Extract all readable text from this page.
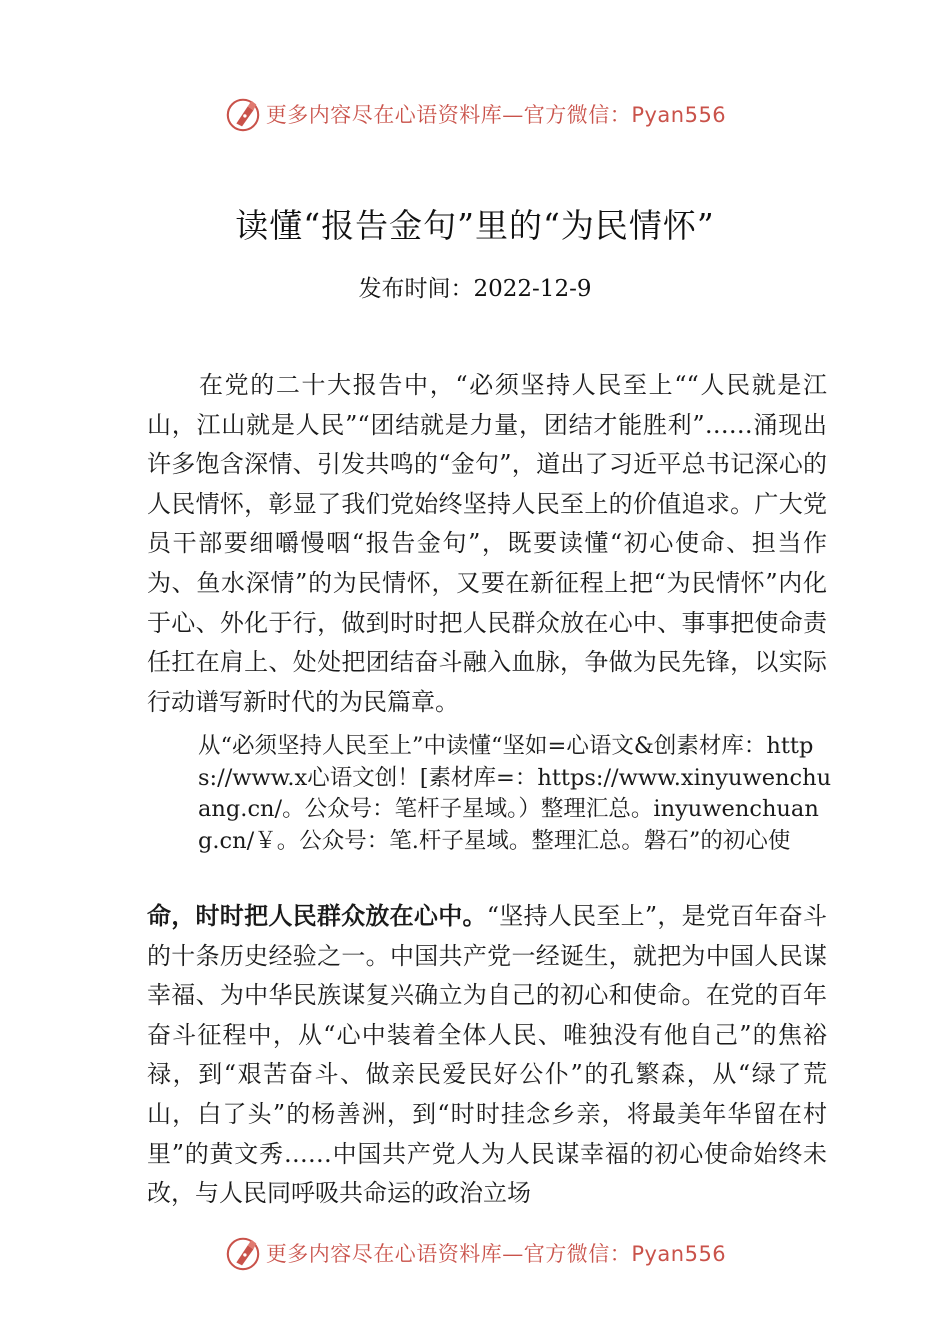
更多内容尽在心语资料库—官方微信：Pyan556
读懂“报告金句”里的“为民情怀”
发布时间：2022-12-9

在党的二十大报告中，“必须坚持人民至上““人民就是江山，江山就是人民”“团结就是力量，团结才能胜利”……涌现出许多饱含深情、引发共鸣的“金句”，道出了习近平总书记深心的人民情怀，彰显了我们党始终坚持人民至上的价值追求。广大党员干部要细嚼慢咽“报告金句”，既要读懂“初心使命、担当作为、鱼水深情”的为民情怀，又要在新征程上把“为民情怀”内化于心、外化于行，做到时时把人民群众放在心中、事事把使命责任扛在肩上、处处把团结奋斗融入血脉，争做为民先锋，以实际行动谱写新时代的为民篇章。

从“必须坚持人民至上”中读懂“坚如=心语文&创素材库：https://www.x心语文创！[素材库=：https://www.xinyuwenchuang.cn/。公众号：笔杆子星域。）整理汇总。inyuwenchuang.cn/￥。公众号：笔.杆子星域。整理汇总。磐石”的初心使

命，时时把人民群众放在心中。“坚持人民至上”，是党百年奋斗的十条历史经验之一。中国共产党一经诞生，就把为中国人民谋幸福、为中华民族谋复兴确立为自己的初心和使命。在党的百年奋斗征程中，从“心中装着全体人民、唯独没有他自己”的焦裕禄，到“艰苦奋斗、做亲民爱民好公仆”的孔繁森，从“绿了荒山，白了头”的杨善洲，到“时时挂念乡亲，将最美年华留在村里”的黄文秀……中国共产党人为人民谋幸福的初心使命始终未改，与人民同呼吸共命运的政治立场

更多内容尽在心语资料库—官方微信：Pyan556
